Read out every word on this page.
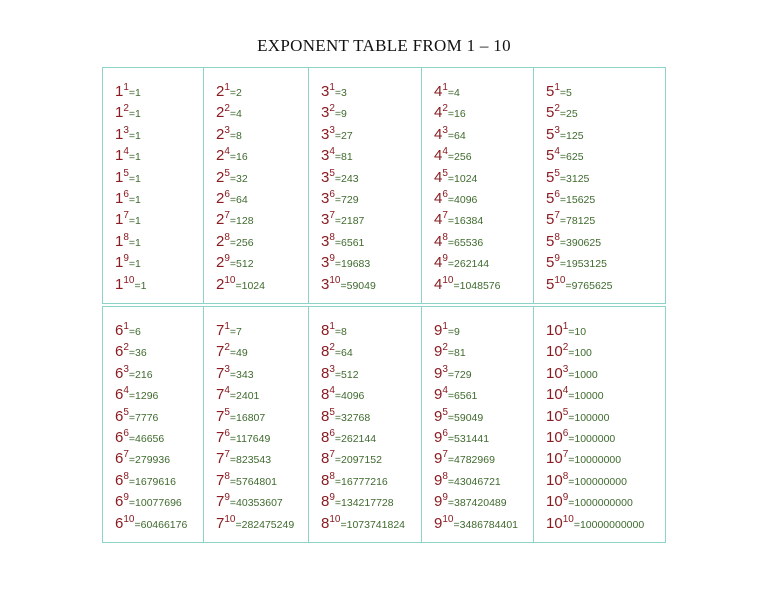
EXPONENT TABLE FROM 1 – 10
$1^1=1$
$1^2=1$
$1^3=1$
$1^4=1$
$1^5=1$
$1^6=1$
$1^7=1$
$1^8=1$
$1^9=1$
$1^{10}=1$
$2^1=2$
$2^2=4$
$2^3=8$
$2^4=16$
$2^5=32$
$2^6=64$
$2^7=128$
$2^8=256$
$2^9=512$
$2^{10}=1024$
$3^1=3$
$3^2=9$
$3^3=27$
$3^4=81$
$3^5=243$
$3^6=729$
$3^7=2187$
$3^8=6561$
$3^9=19683$
$3^{10}=59049$
$4^1=4$
$4^2=16$
$4^3=64$
$4^4=256$
$4^5=1024$
$4^6=4096$
$4^7=16384$
$4^8=65536$
$4^9=262144$
$4^{10}=1048576$
$5^1=5$
$5^2=25$
$5^3=125$
$5^4=625$
$5^5=3125$
$5^6=15625$
$5^7=78125$
$5^8=390625$
$5^9=1953125$
$5^{10}=9765625$
$6^1=6$
$6^2=36$
$6^3=216$
$6^4=1296$
$6^5=7776$
$6^6=46656$
$6^7=279936$
$6^8=1679616$
$6^9=10077696$
$6^{10}=60466176$
$7^1=7$
$7^2=49$
$7^3=343$
$7^4=2401$
$7^5=16807$
$7^6=117649$
$7^7=823543$
$7^8=5764801$
$7^9=40353607$
$7^{10}=282475249$
$8^1=8$
$8^2=64$
$8^3=512$
$8^4=4096$
$8^5=32768$
$8^6=262144$
$8^7=2097152$
$8^8=16777216$
$8^9=134217728$
$8^{10}=1073741824$
$9^1=9$
$9^2=81$
$9^3=729$
$9^4=6561$
$9^5=59049$
$9^6=531441$
$9^7=4782969$
$9^8=43046721$
$9^9=387420489$
$9^{10}=3486784401$
$10^1=10$
$10^2=100$
$10^3=1000$
$10^4=10000$
$10^5=100000$
$10^6=1000000$
$10^7=10000000$
$10^8=100000000$
$10^9=1000000000$
$10^{10}=10000000000$
